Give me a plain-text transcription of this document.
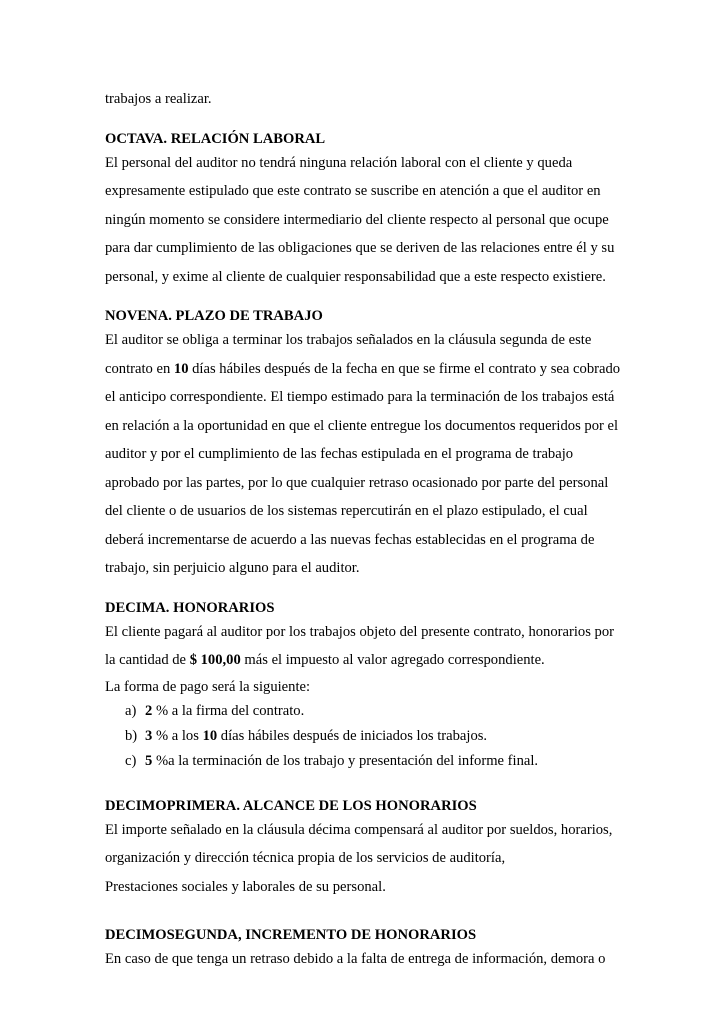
trabajos a realizar.

OCTAVA. RELACIÓN LABORAL

El personal del auditor no tendrá ninguna relación laboral con el cliente y queda

expresamente estipulado que este contrato se suscribe en atención a que el auditor en

ningún momento se considere intermediario del cliente respecto al personal que ocupe

para dar cumplimiento de las obligaciones que se deriven de las relaciones entre él y su

personal, y exime al cliente de cualquier responsabilidad que a este respecto existiere.

NOVENA. PLAZO DE TRABAJO

El auditor se obliga a terminar los trabajos señalados en la cláusula segunda de este

contrato en 10 días hábiles después de la fecha en que se firme el contrato y sea cobrado

el anticipo correspondiente. El tiempo estimado para la terminación de los trabajos está

en relación a la oportunidad en que el cliente entregue los documentos requeridos por el

auditor y por el cumplimiento de las fechas estipulada en el programa de trabajo

aprobado por las partes, por lo que cualquier retraso ocasionado por parte del personal

del cliente o de usuarios de los sistemas repercutirán en el plazo estipulado, el cual

deberá incrementarse de acuerdo a las nuevas fechas establecidas en el programa de

trabajo, sin perjuicio alguno para el auditor.

DECIMA. HONORARIOS

El cliente pagará al auditor por los trabajos objeto del presente contrato, honorarios por

la cantidad de $ 100,00 más el impuesto al valor agregado correspondiente.

La forma de pago será la siguiente:

a) 2 % a la firma del contrato.
b) 3 % a los 10 días hábiles después de iniciados los trabajos.
c) 5 %a la terminación de los trabajo y presentación del informe final.
DECIMOPRIMERA. ALCANCE DE LOS HONORARIOS

El importe señalado en la cláusula décima compensará al auditor por sueldos, horarios,

organización y dirección técnica propia de los servicios de auditoría,

Prestaciones sociales y laborales de su personal.

DECIMOSEGUNDA, INCREMENTO DE HONORARIOS

En caso de que tenga un retraso debido a la falta de entrega de información, demora o
